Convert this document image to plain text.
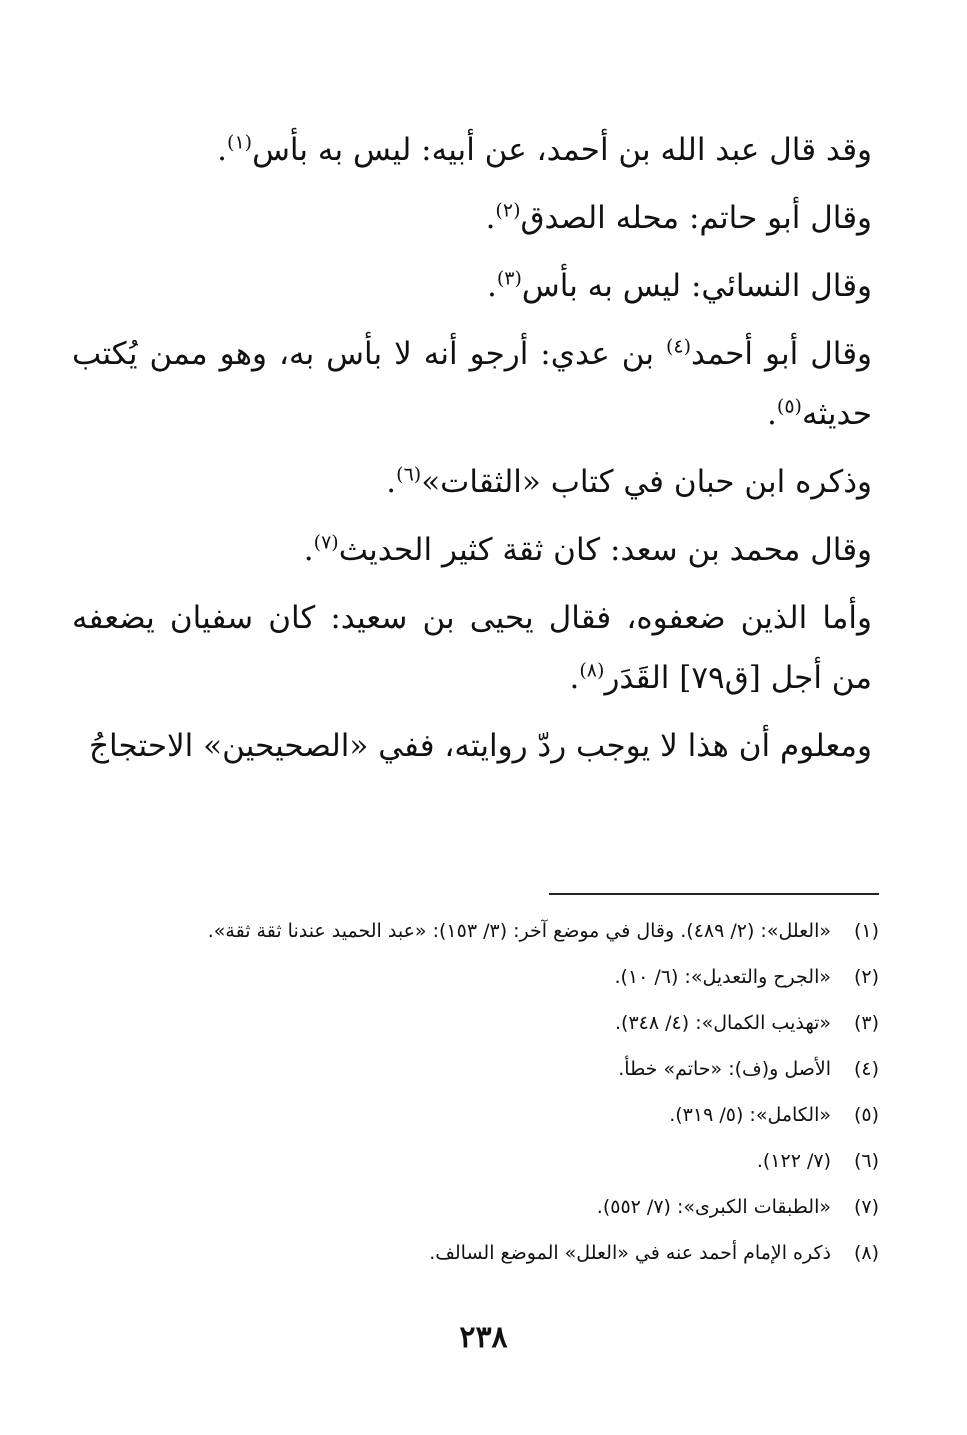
وقد قال عبد الله بن أحمد، عن أبيه: ليس به بأس$^{(١)}$.

وقال أبو حاتم: محله الصدق$^{(٢)}$.

وقال النسائي: ليس به بأس$^{(٣)}$.

وقال أبو أحمد$^{(٤)}$ بن عدي: أرجو أنه لا بأس به، وهو ممن يُكتب حديثه$^{(٥)}$.

وذكره ابن حبان في كتاب «الثقات»$^{(٦)}$.

وقال محمد بن سعد: كان ثقة كثير الحديث$^{(٧)}$.

وأما الذين ضعفوه، فقال يحيى بن سعيد: كان سفيان يضعفه من أجل [ق٧٩] القَدَر$^{(٨)}$.

ومعلوم أن هذا لا يوجب ردّ روايته، ففي «الصحيحين» الاحتجاجُ

(١)
«العلل»: (٢/ ٤٨٩). وقال في موضع آخر: (٣/ ١٥٣): «عبد الحميد عندنا ثقة ثقة».
(٢)
«الجرح والتعديل»: (٦/ ١٠).
(٣)
«تهذيب الكمال»: (٤/ ٣٤٨).
(٤)
الأصل و(ف): «حاتم» خطأ.
(٥)
«الكامل»: (٥/ ٣١٩).
(٦)
(٧/ ١٢٢).
(٧)
«الطبقات الكبرى»: (٧/ ٥٥٢).
(٨)
ذكره الإمام أحمد عنه في «العلل» الموضع السالف.
٢٣٨
